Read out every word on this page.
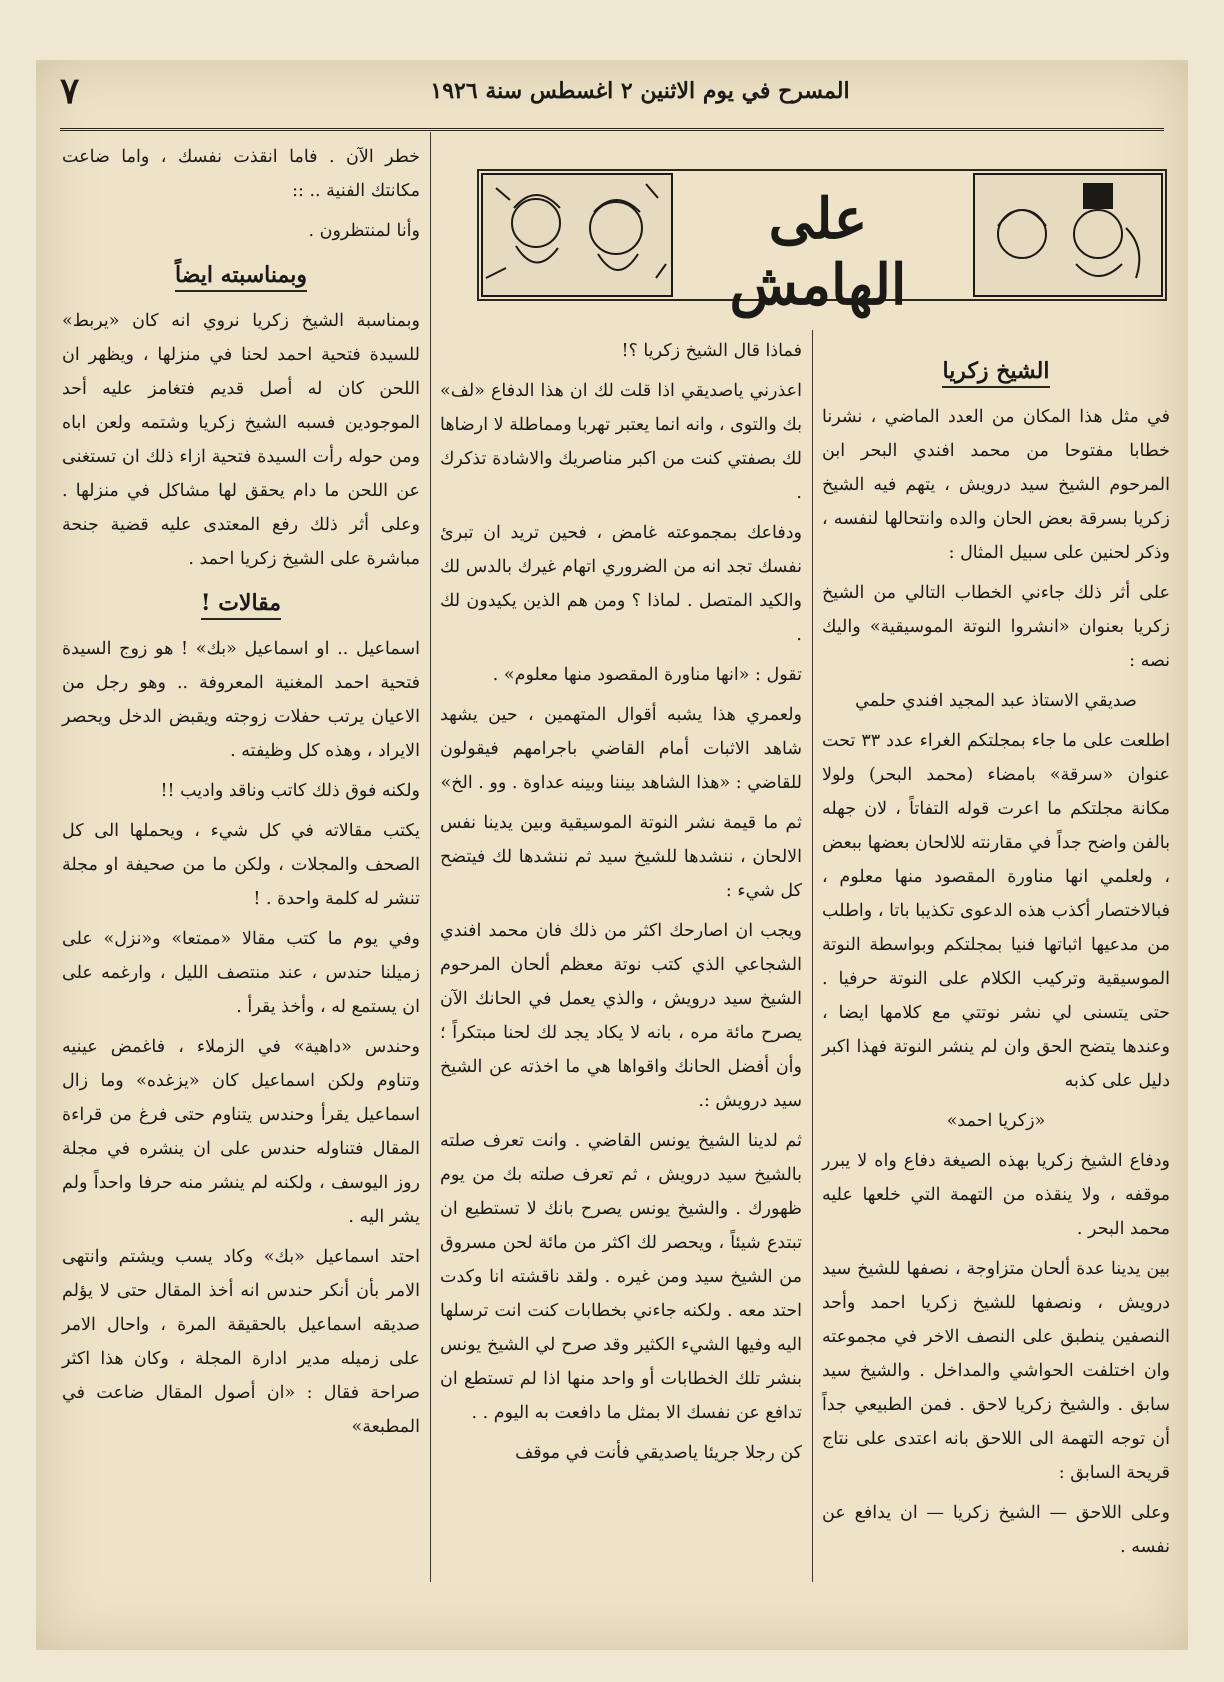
٧	المسرح في يوم الاثنين ٢ اغسطس سنة ١٩٢٦
على الهامش
الشيخ زكريا

في مثل هذا المكان من العدد الماضي ، نشرنا خطابا مفتوحا من محمد افندي البحر ابن المرحوم الشيخ سيد درويش ، يتهم فيه الشيخ زكريا بسرقة بعض الحان والده وانتحالها لنفسه ، وذكر لحنين على سبيل المثال :

على أثر ذلك جاءني الخطاب التالي من الشيخ زكريا بعنوان «انشروا النوتة الموسيقية» واليك نصه :

صديقي الاستاذ عبد المجيد افندي حلمي

اطلعت على ما جاء بمجلتكم الغراء عدد ٣٣ تحت عنوان «سرقة» بامضاء (محمد البحر) ولولا مكانة مجلتكم ما اعرت قوله التفاتاً ، لان جهله بالفن واضح جداً في مقارنته للالحان بعضها ببعض ، ولعلمي انها مناورة المقصود منها معلوم ، فبالاختصار أكذب هذه الدعوى تكذيبا باتا ، واطلب من مدعيها اثباتها فنيا بمجلتكم وبواسطة النوتة الموسيقية وتركيب الكلام على النوتة حرفيا . حتى يتسنى لي نشر نوتتي مع كلامها ايضا ، وعندها يتضح الحق وان لم ينشر النوتة فهذا اكبر دليل على كذبه

«زكريا احمد»

ودفاع الشيخ زكريا بهذه الصيغة دفاع واه لا يبرر موقفه ، ولا ينقذه من التهمة التي خلعها عليه محمد البحر .

بين يدينا عدة ألحان متزاوجة ، نصفها للشيخ سيد درويش ، ونصفها للشيخ زكريا احمد وأحد النصفين ينطبق على النصف الاخر في مجموعته وان اختلفت الحواشي والمداخل . والشيخ سيد سابق . والشيخ زكريا لاحق . فمن الطبيعي جداً أن توجه التهمة الى اللاحق بانه اعتدى على نتاج قريحة السابق :

وعلى اللاحق — الشيخ زكريا — ان يدافع عن نفسه .

فماذا قال الشيخ زكريا ؟!

اعذرني ياصديقي اذا قلت لك ان هذا الدفاع «لف» بك والتوى ، وانه انما يعتبر تهربا ومماطلة لا ارضاها لك بصفتي كنت من اكبر مناصريك والاشادة تذكرك .

ودفاعك بمجموعته غامض ، فحين تريد ان تبرئ نفسك تجد انه من الضروري اتهام غيرك بالدس لك والكيد المتصل . لماذا ؟ ومن هم الذين يكيدون لك .

تقول : «انها مناورة المقصود منها معلوم» .

ولعمري هذا يشبه أقوال المتهمين ، حين يشهد شاهد الاثبات أمام القاضي باجرامهم فيقولون للقاضي : «هذا الشاهد بيننا وبينه عداوة . وو . الخ»

ثم ما قيمة نشر النوتة الموسيقية وبين يدينا نفس الالحان ، ننشدها للشيخ سيد ثم ننشدها لك فيتضح كل شيء :

ويجب ان اصارحك اكثر من ذلك فان محمد افندي الشجاعي الذي كتب نوتة معظم ألحان المرحوم الشيخ سيد درويش ، والذي يعمل في الحانك الآن يصرح مائة مره ، بانه لا يكاد يجد لك لحنا مبتكراً ؛ وأن أفضل الحانك واقواها هي ما اخذته عن الشيخ سيد درويش :.

ثم لدينا الشيخ يونس القاضي . وانت تعرف صلته بالشيخ سيد درويش ، ثم تعرف صلته بك من يوم ظهورك . والشيخ يونس يصرح بانك لا تستطيع ان تبتدع شيئاً ، ويحصر لك اكثر من مائة لحن مسروق من الشيخ سيد ومن غيره . ولقد ناقشته انا وكدت احتد معه . ولكنه جاءني بخطابات كنت انت ترسلها اليه وفيها الشيء الكثير وقد صرح لي الشيخ يونس بنشر تلك الخطابات أو واحد منها اذا لم تستطع ان تدافع عن نفسك الا بمثل ما دافعت به اليوم . .

كن رجلا جريئا ياصديقي فأنت في موقف

خطر الآن . فاما انقذت نفسك ، واما ضاعت مكانتك الفنية .. ::

وأنا لمنتظرون .

وبمناسبته ايضاً

وبمناسبة الشيخ زكريا نروي انه كان «يربط» للسيدة فتحية احمد لحنا في منزلها ، ويظهر ان اللحن كان له أصل قديم فتغامز عليه أحد الموجودين فسبه الشيخ زكريا وشتمه ولعن اباه ومن حوله رأت السيدة فتحية ازاء ذلك ان تستغنى عن اللحن ما دام يحقق لها مشاكل في منزلها . وعلى أثر ذلك رفع المعتدى عليه قضية جنحة مباشرة على الشيخ زكريا احمد .

مقالات !

اسماعيل .. او اسماعيل «بك» ! هو زوج السيدة فتحية احمد المغنية المعروفة .. وهو رجل من الاعيان يرتب حفلات زوجته ويقبض الدخل ويحصر الايراد ، وهذه كل وظيفته .

ولكنه فوق ذلك كاتب وناقد واديب !!

يكتب مقالاته في كل شيء ، ويحملها الى كل الصحف والمجلات ، ولكن ما من صحيفة او مجلة تنشر له كلمة واحدة . !

وفي يوم ما كتب مقالا «ممتعا» و«نزل» على زميلنا حندس ، عند منتصف الليل ، وارغمه على ان يستمع له ، وأخذ يقرأ .

وحندس «داهية» في الزملاء ، فاغمض عينيه وتناوم ولكن اسماعيل كان «يزغده» وما زال اسماعيل يقرأ وحندس يتناوم حتى فرغ من قراءة المقال فتناوله حندس على ان ينشره في مجلة روز اليوسف ، ولكنه لم ينشر منه حرفا واحداً ولم يشر اليه .

احتد اسماعيل «بك» وكاد يسب ويشتم وانتهى الامر بأن أنكر حندس انه أخذ المقال حتى لا يؤلم صديقه اسماعيل بالحقيقة المرة ، واحال الامر على زميله مدير ادارة المجلة ، وكان هذا اكثر صراحة فقال : «ان أصول المقال ضاعت في المطبعة»
